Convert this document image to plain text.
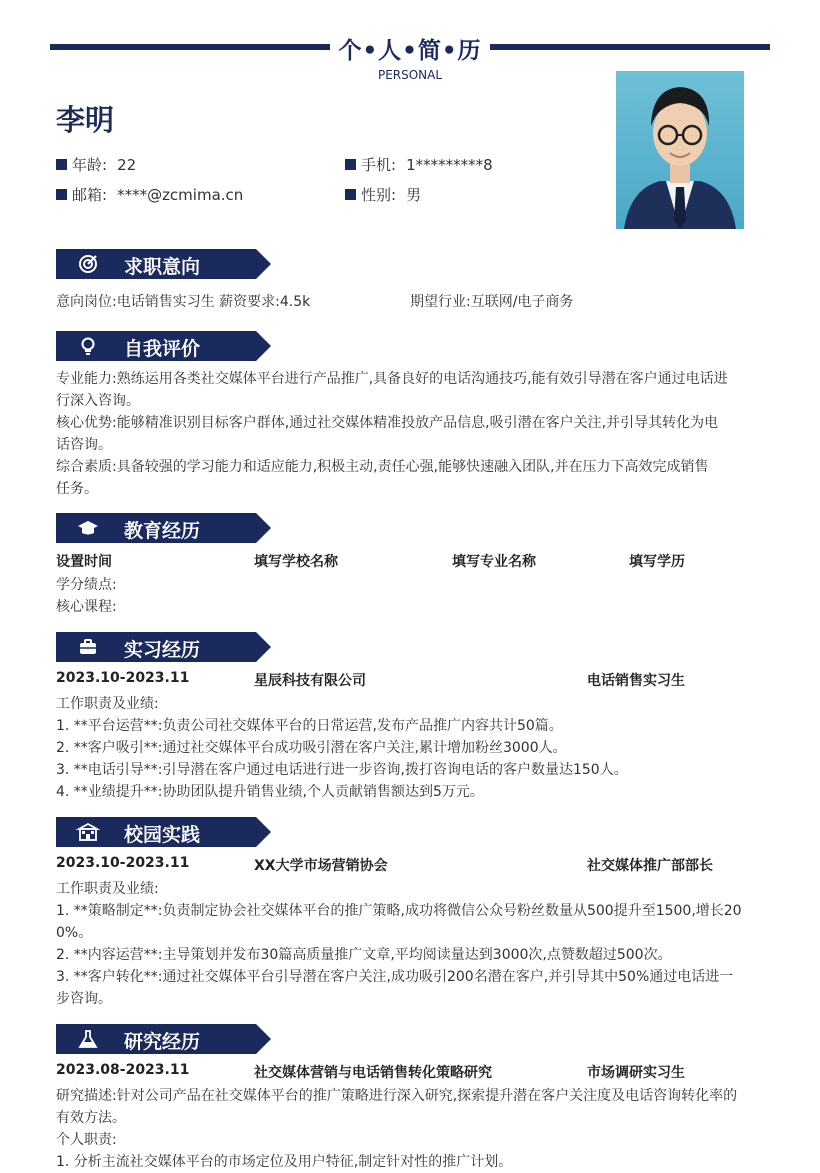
个•人•简•历
PERSONAL
李明
年龄: 22	手机: 1*********8
邮箱: ****@zcmima.cn	性别: 男
求职意向
意向岗位:电话销售实习生 薪资要求:4.5k	期望行业:互联网/电子商务
自我评价
专业能力:熟练运用各类社交媒体平台进行产品推广,具备良好的电话沟通技巧,能有效引导潜在客户通过电话进
行深入咨询。
核心优势:能够精准识别目标客户群体,通过社交媒体精准投放产品信息,吸引潜在客户关注,并引导其转化为电
话咨询。
综合素质:具备较强的学习能力和适应能力,积极主动,责任心强,能够快速融入团队,并在压力下高效完成销售
任务。
教育经历
设置时间	填写学校名称	填写专业名称	填写学历
学分绩点:
核心课程:
实习经历
2023.10-2023.11	星辰科技有限公司	电话销售实习生
工作职责及业绩:
1. **平台运营**:负责公司社交媒体平台的日常运营,发布产品推广内容共计50篇。
2. **客户吸引**:通过社交媒体平台成功吸引潜在客户关注,累计增加粉丝3000人。
3. **电话引导**:引导潜在客户通过电话进行进一步咨询,拨打咨询电话的客户数量达150人。
4. **业绩提升**:协助团队提升销售业绩,个人贡献销售额达到5万元。
校园实践
2023.10-2023.11	XX大学市场营销协会	社交媒体推广部部长
工作职责及业绩:
1. **策略制定**:负责制定协会社交媒体平台的推广策略,成功将微信公众号粉丝数量从500提升至1500,增长20
0%。
2. **内容运营**:主导策划并发布30篇高质量推广文章,平均阅读量达到3000次,点赞数超过500次。
3. **客户转化**:通过社交媒体平台引导潜在客户关注,成功吸引200名潜在客户,并引导其中50%通过电话进一
步咨询。
研究经历
2023.08-2023.11	社交媒体营销与电话销售转化策略研究	市场调研实习生
研究描述:针对公司产品在社交媒体平台的推广策略进行深入研究,探索提升潜在客户关注度及电话咨询转化率的
有效方法。
个人职责:
1. 分析主流社交媒体平台的市场定位及用户特征,制定针对性的推广计划。
